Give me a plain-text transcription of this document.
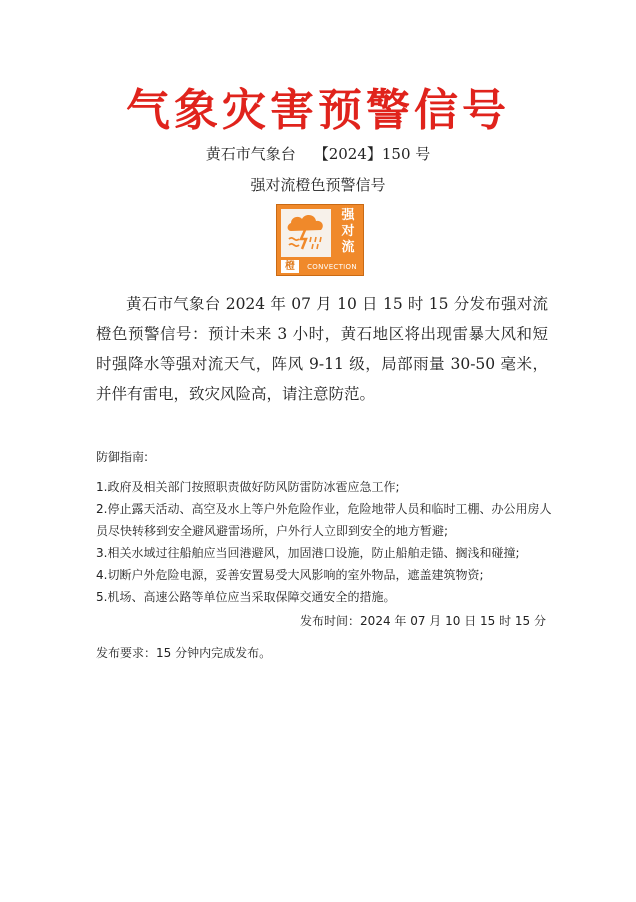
气象灾害预警信号
黄石市气象台 【2024】150 号
强对流橙色预警信号
强
对
流
橙	CONVECTION
黄石市气象台 2024 年 07 月 10 日 15 时 15 分发布强对流橙色预警信号：预计未来 3 小时，黄石地区将出现雷暴大风和短时强降水等强对流天气，阵风 9-11 级，局部雨量 30-50 毫米，并伴有雷电，致灾风险高，请注意防范。
防御指南:
1.政府及相关部门按照职责做好防风防雷防冰雹应急工作;
2.停止露天活动、高空及水上等户外危险作业，危险地带人员和临时工棚、办公用房人员尽快转移到安全避风避雷场所，户外行人立即到安全的地方暂避;
3.相关水域过往船舶应当回港避风，加固港口设施，防止船舶走锚、搁浅和碰撞;
4.切断户外危险电源，妥善安置易受大风影响的室外物品，遮盖建筑物资;
5.机场、高速公路等单位应当采取保障交通安全的措施。
发布时间：2024 年 07 月 10 日 15 时 15 分
发布要求：15 分钟内完成发布。
